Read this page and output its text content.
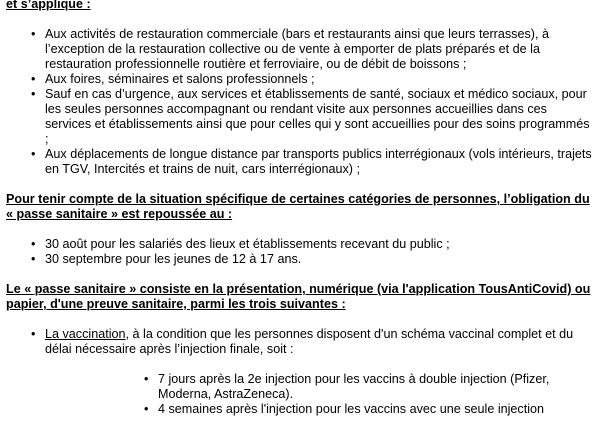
et s’applique :

• Aux activités de restauration commerciale (bars et restaurants ainsi que leurs terrasses), à l’exception de la restauration collective ou de vente à emporter de plats préparés et de la restauration professionnelle routière et ferroviaire, ou de débit de boissons ;
• Aux foires, séminaires et salons professionnels ;
• Sauf en cas d’urgence, aux services et établissements de santé, sociaux et médico sociaux, pour les seules personnes accompagnant ou rendant visite aux personnes accueillies dans ces services et établissements ainsi que pour celles qui y sont accueillies pour des soins programmés ;
• Aux déplacements de longue distance par transports publics interrégionaux (vols intérieurs, trajets en TGV, Intercités et trains de nuit, cars interrégionaux) ;

Pour tenir compte de la situation spécifique de certaines catégories de personnes, l’obligation du « passe sanitaire » est repoussée au :

• 30 août pour les salariés des lieux et établissements recevant du public ;
• 30 septembre pour les jeunes de 12 à 17 ans.

Le « passe sanitaire » consiste en la présentation, numérique (via l'application TousAntiCovid) ou papier, d'une preuve sanitaire, parmi les trois suivantes :

• La vaccination, à la condition que les personnes disposent d'un schéma vaccinal complet et du délai nécessaire après l’injection finale, soit :
• 7 jours après la 2e injection pour les vaccins à double injection (Pfizer, Moderna, AstraZeneca).
• 4 semaines après l'injection pour les vaccins avec une seule injection
